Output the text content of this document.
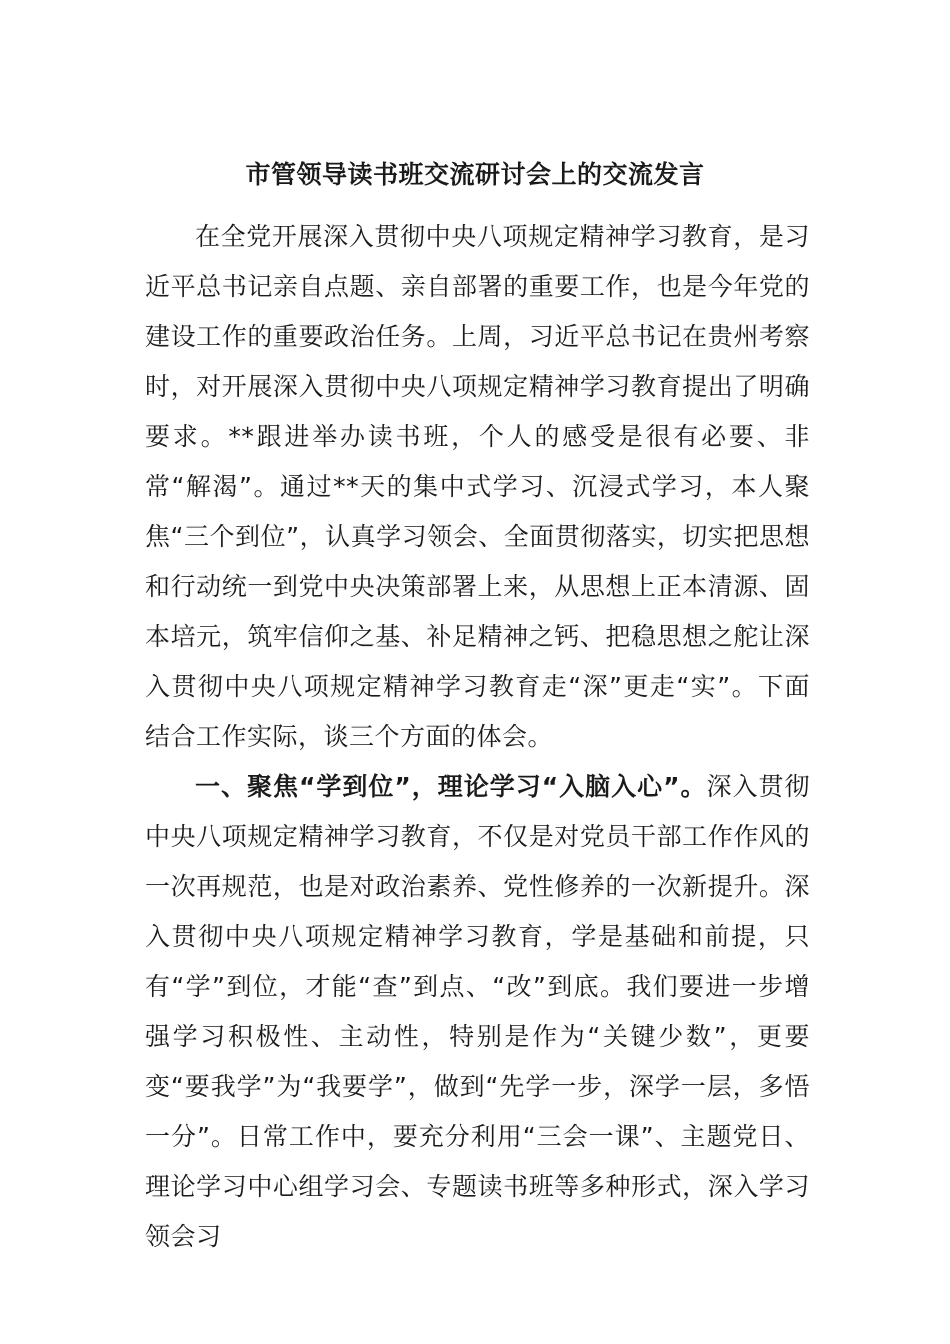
市管领导读书班交流研讨会上的交流发言

在全党开展深入贯彻中央八项规定精神学习教育，是习近平总书记亲自点题、亲自部署的重要工作，也是今年党的建设工作的重要政治任务。上周，习近平总书记在贵州考察时，对开展深入贯彻中央八项规定精神学习教育提出了明确要求。**跟进举办读书班，个人的感受是很有必要、非常“解渴”。通过**天的集中式学习、沉浸式学习，本人聚焦“三个到位”，认真学习领会、全面贯彻落实，切实把思想和行动统一到党中央决策部署上来，从思想上正本清源、固本培元，筑牢信仰之基、补足精神之钙、把稳思想之舵让深入贯彻中央八项规定精神学习教育走“深”更走“实”。下面结合工作实际，谈三个方面的体会。

一、聚焦“学到位”，理论学习“入脑入心”。深入贯彻中央八项规定精神学习教育，不仅是对党员干部工作作风的一次再规范，也是对政治素养、党性修养的一次新提升。深入贯彻中央八项规定精神学习教育，学是基础和前提，只有“学”到位，才能“查”到点、“改”到底。我们要进一步增强学习积极性、主动性，特别是作为“关键少数”，更要变“要我学”为“我要学”，做到“先学一步，深学一层，多悟一分”。日常工作中，要充分利用“三会一课”、主题党日、理论学习中心组学习会、专题读书班等多种形式，深入学习领会习
